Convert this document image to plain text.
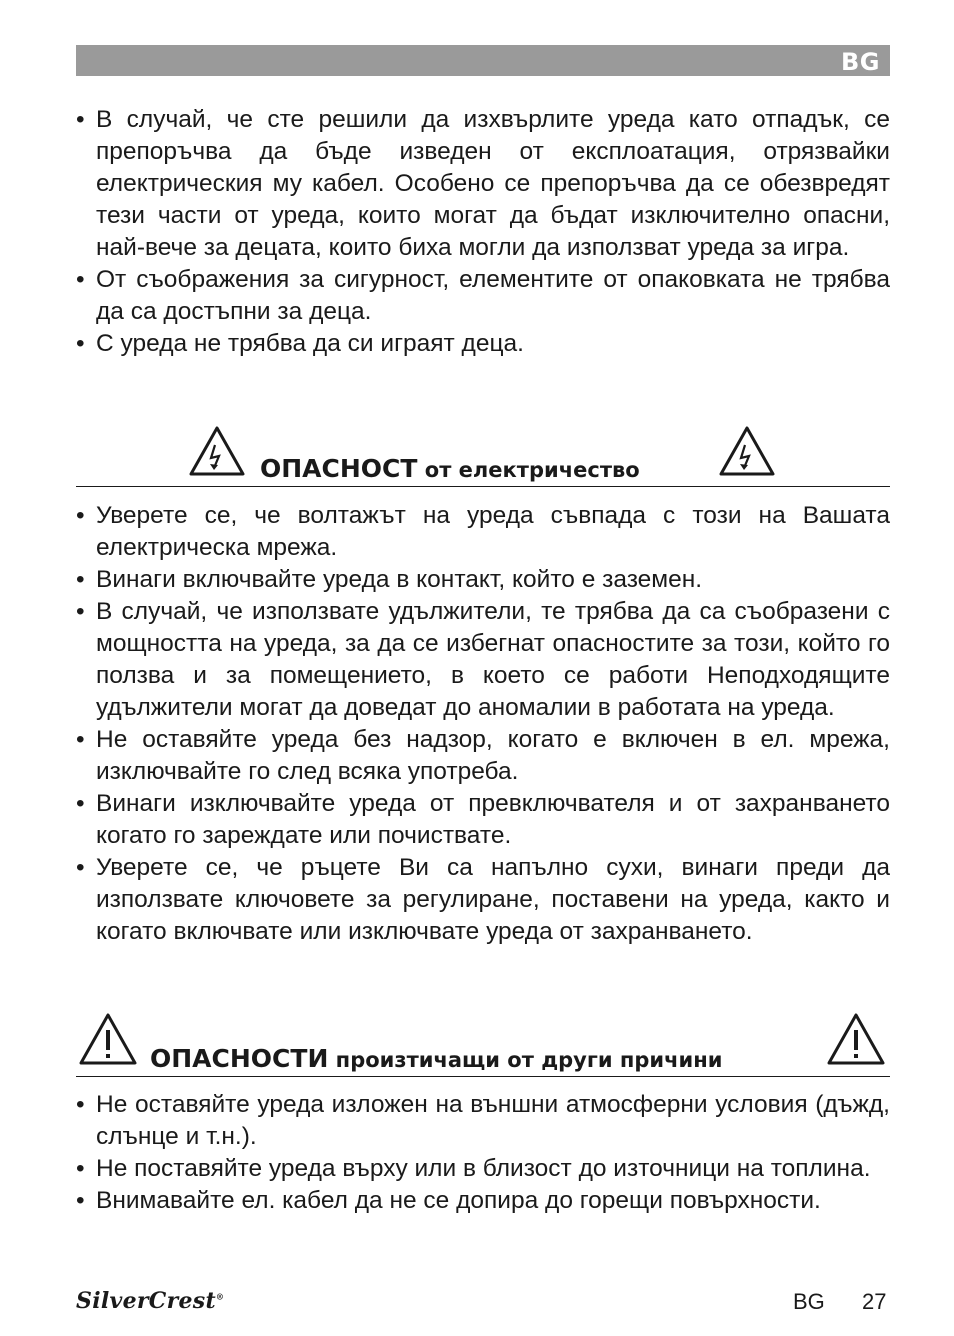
BG
• В случай, че сте решили да изхвърлите уреда като отпадък, се препоръчва да бъде изведен от експлоатация, отрязвайки електрическия му кабел. Особено се препоръчва да се обезвредят тези части от уреда, които могат да бъдат изключително опасни, най-вече за децата, които биха могли да използват уреда за игра.
• От съображения за сигурност, елементите от опаковката не трябва да са достъпни за деца.
• С уреда не трябва да си играят деца.
ОПАСНОСТ от електричество
• Уверете се, че волтажът на уреда съвпада с този на Вашата електрическа мрежа.
• Винаги включвайте уреда в контакт, който е заземен.
• В случай, че използвате удължители, те трябва да са съобразени с мощността на уреда, за да се избегнат опасностите за този, който го ползва и за помещението, в което се работи Неподходящите удължители могат да доведат до аномалии в работата на уреда.
• Не оставяйте уреда без надзор, когато е включен в ел. мрежа, изключвайте го след всяка употреба.
• Винаги изключвайте уреда от превключвателя и от захранването когато го зареждате или почиствате.
• Уверете се, че ръцете Ви са напълно сухи, винаги преди да използвате ключовете за регулиране, поставени на уреда, както и когато включвате или изключвате уреда от захранването.
ОПАСНОСТИ произтичащи от други причини
• Не оставяйте уреда изложен на външни атмосферни условия (дъжд, слънце и т.н.).
• Не поставяйте уреда върху или в близост до източници на топлина.
• Внимавайте ел. кабел да не се допира до горещи повърхности.
SilverCrest®	BG 27
